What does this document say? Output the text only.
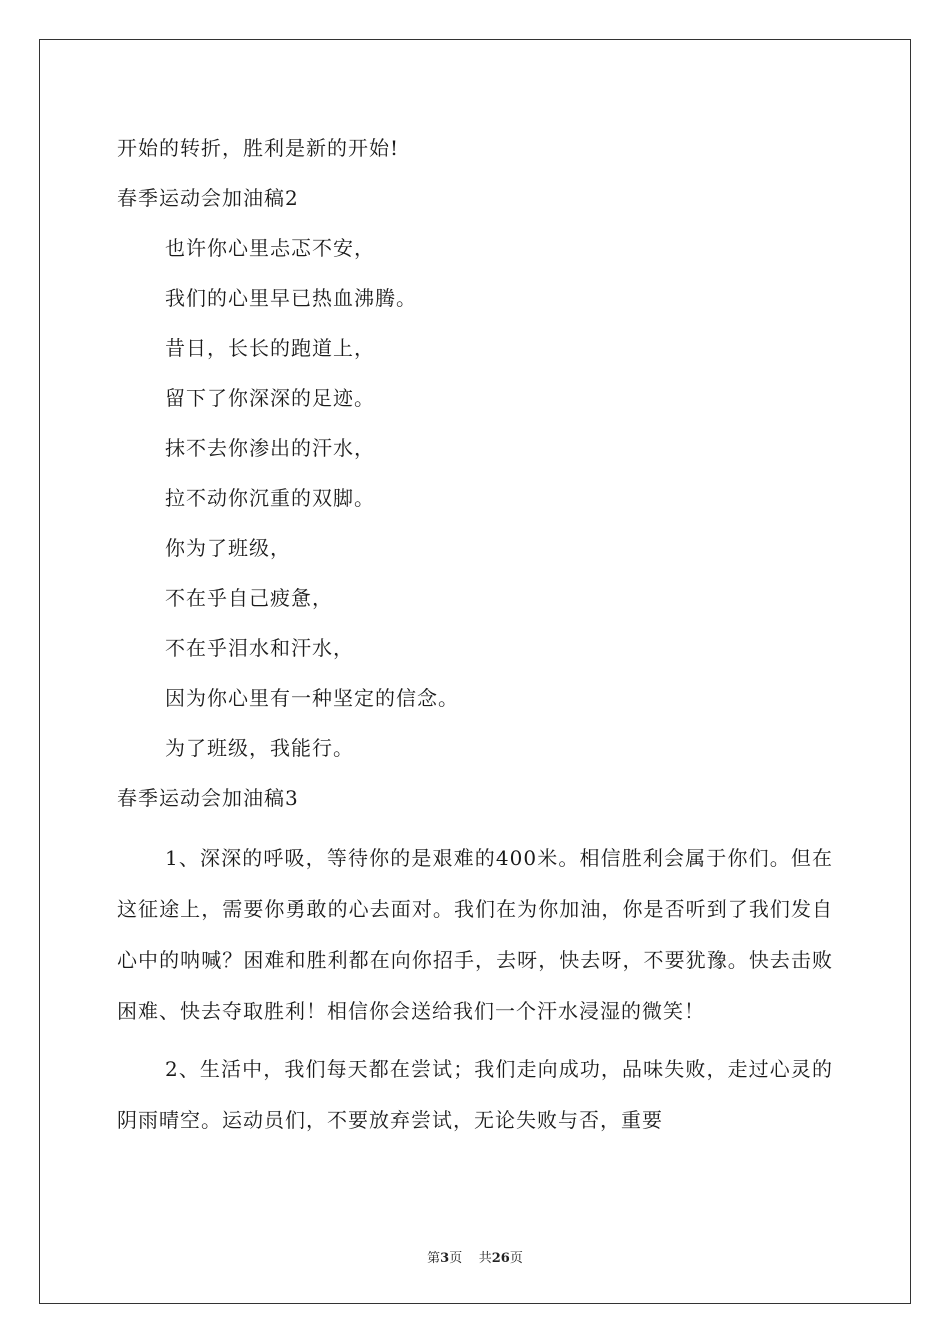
开始的转折，胜利是新的开始!
春季运动会加油稿2
也许你心里忐忑不安，
我们的心里早已热血沸腾。
昔日，长长的跑道上，
留下了你深深的足迹。
抹不去你渗出的汗水，
拉不动你沉重的双脚。
你为了班级，
不在乎自己疲惫，
不在乎泪水和汗水，
因为你心里有一种坚定的信念。
为了班级，我能行。
春季运动会加油稿3

1、深深的呼吸，等待你的是艰难的400米。相信胜利会属于你们。但在这征途上，需要你勇敢的心去面对。我们在为你加油，你是否听到了我们发自心中的呐喊？困难和胜利都在向你招手，去呀，快去呀，不要犹豫。快去击败困难、快去夺取胜利！相信你会送给我们一个汗水浸湿的微笑！

2、生活中，我们每天都在尝试；我们走向成功，品味失败，走过心灵的阴雨晴空。运动员们，不要放弃尝试，无论失败与否，重要

第3页 共26页
